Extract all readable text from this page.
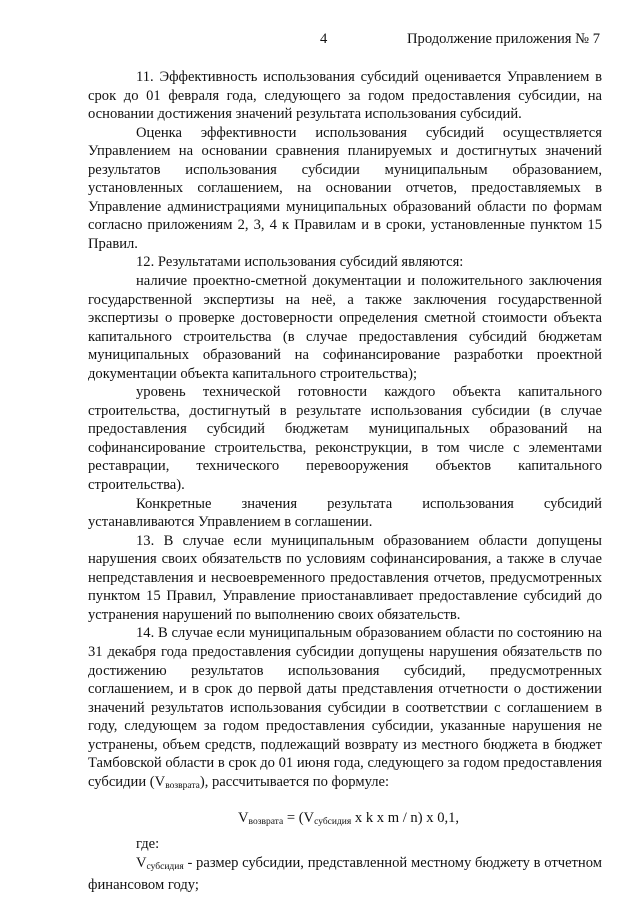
4	Продолжение приложения № 7

11. Эффективность использования субсидий оценивается Управлением в срок до 01 февраля года, следующего за годом предоставления субсидии, на основании достижения значений результата использования субсидий.

Оценка эффективности использования субсидий осуществляется Управлением на основании сравнения планируемых и достигнутых значений результатов использования субсидии муниципальным образованием, установленных соглашением, на основании отчетов, предоставляемых в Управление администрациями муниципальных образований области по формам согласно приложениям 2, 3, 4 к Правилам и в сроки, установленные пунктом 15 Правил.

12. Результатами использования субсидий являются:

наличие проектно-сметной документации и положительного заключения государственной экспертизы на неё, а также заключения государственной экспертизы о проверке достоверности определения сметной стоимости объекта капитального строительства (в случае предоставления субсидий бюджетам муниципальных образований на софинансирование разработки проектной документации объекта капитального строительства);

уровень технической готовности каждого объекта капитального строительства, достигнутый в результате использования субсидии (в случае предоставления субсидий бюджетам муниципальных образований на софинансирование строительства, реконструкции, в том числе с элементами реставрации, технического перевооружения объектов капитального строительства).

Конкретные значения результата использования субсидий устанавливаются Управлением в соглашении.

13. В случае если муниципальным образованием области допущены нарушения своих обязательств по условиям софинансирования, а также в случае непредставления и несвоевременного предоставления отчетов, предусмотренных пунктом 15 Правил, Управление приостанавливает предоставление субсидий до устранения нарушений по выполнению своих обязательств.

14. В случае если муниципальным образованием области по состоянию на 31 декабря года предоставления субсидии допущены нарушения обязательств по достижению результатов использования субсидий, предусмотренных соглашением, и в срок до первой даты представления отчетности о достижении значений результатов использования субсидии в соответствии с соглашением в году, следующем за годом предоставления субсидии, указанные нарушения не устранены, объем средств, подлежащий возврату из местного бюджета в бюджет Тамбовской области в срок до 01 июня года, следующего за годом предоставления субсидии $(V_{возврата})$, рассчитывается по формуле:

$V_{возврата} = (V_{субсидия}$ x k x m / n) x 0,1,

где:

$V_{субсидия}$ - размер субсидии, представленной местному бюджету в отчетном финансовом году;
